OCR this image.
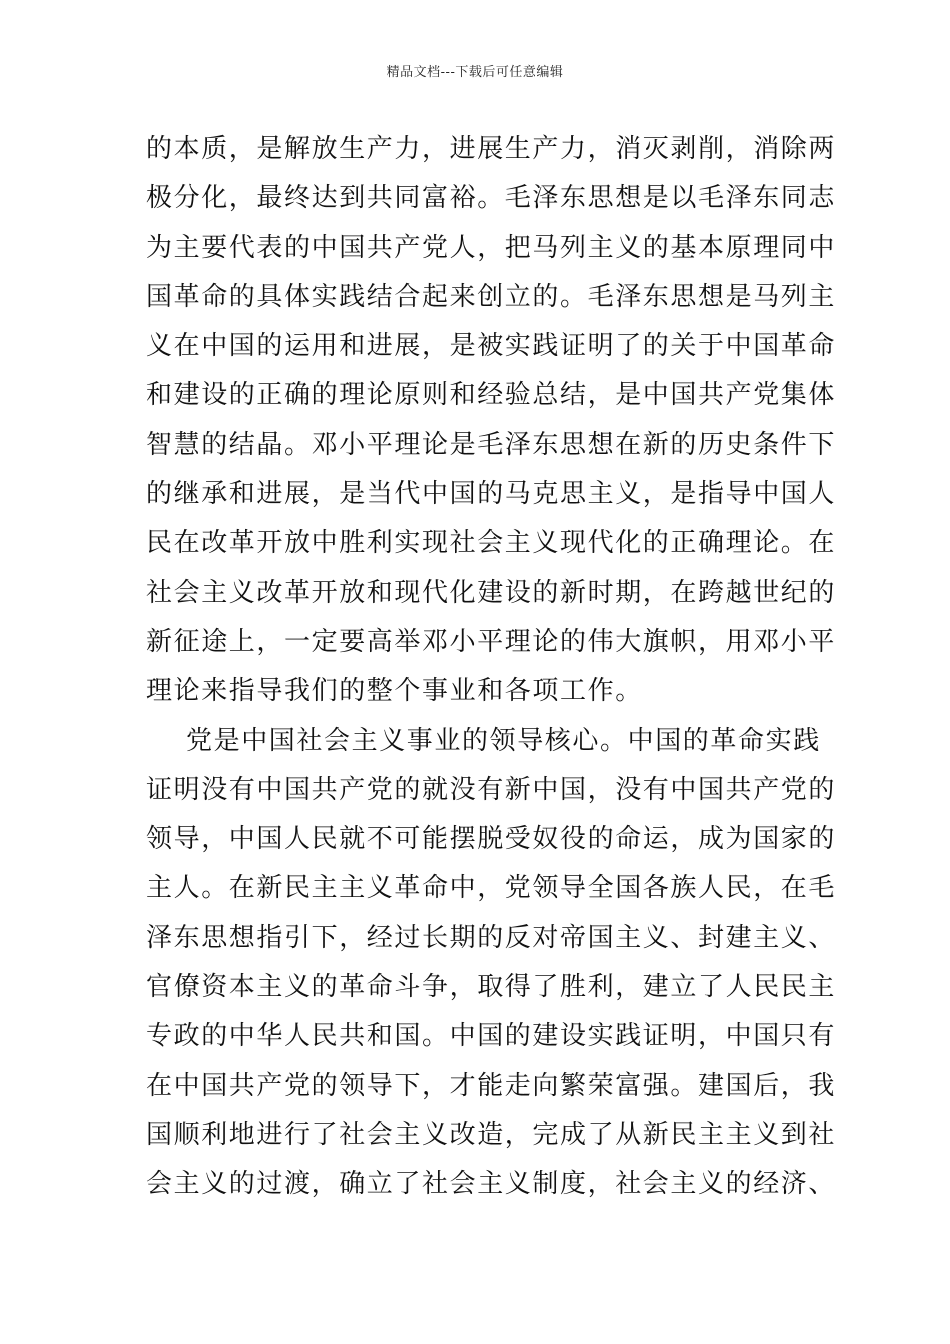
精品文档---下载后可任意编辑
的本质，是解放生产力，进展生产力，消灭剥削，消除两
极分化，最终达到共同富裕。毛泽东思想是以毛泽东同志
为主要代表的中国共产党人，把马列主义的基本原理同中
国革命的具体实践结合起来创立的。毛泽东思想是马列主
义在中国的运用和进展，是被实践证明了的关于中国革命
和建设的正确的理论原则和经验总结，是中国共产党集体
智慧的结晶。邓小平理论是毛泽东思想在新的历史条件下
的继承和进展，是当代中国的马克思主义，是指导中国人
民在改革开放中胜利实现社会主义现代化的正确理论。在
社会主义改革开放和现代化建设的新时期，在跨越世纪的
新征途上，一定要高举邓小平理论的伟大旗帜，用邓小平
理论来指导我们的整个事业和各项工作。
党是中国社会主义事业的领导核心。中国的革命实践
证明没有中国共产党的就没有新中国，没有中国共产党的
领导，中国人民就不可能摆脱受奴役的命运，成为国家的
主人。在新民主主义革命中，党领导全国各族人民，在毛
泽东思想指引下，经过长期的反对帝国主义、封建主义、
官僚资本主义的革命斗争，取得了胜利，建立了人民民主
专政的中华人民共和国。中国的建设实践证明，中国只有
在中国共产党的领导下，才能走向繁荣富强。建国后，我
国顺利地进行了社会主义改造，完成了从新民主主义到社
会主义的过渡，确立了社会主义制度，社会主义的经济、
